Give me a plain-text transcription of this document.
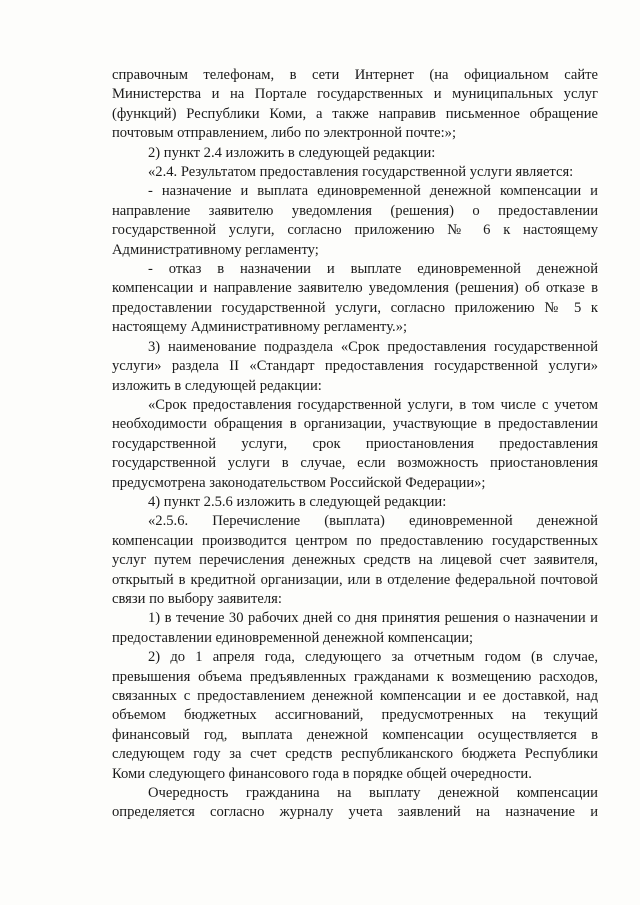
справочным телефонам, в сети Интернет (на официальном сайте

Министерства и на Портале государственных и муниципальных услуг

(функций) Республики Коми, а также направив письменное обращение

почтовым отправлением, либо по электронной почте:»;

2) пункт 2.4 изложить в следующей редакции:

«2.4. Результатом предоставления государственной услуги является:

- назначение и выплата единовременной денежной компенсации и

направление заявителю уведомления (решения) о предоставлении

государственной услуги, согласно приложению № 6 к настоящему

Административному регламенту;

- отказ в назначении и выплате единовременной денежной

компенсации и направление заявителю уведомления (решения) об отказе в

предоставлении государственной услуги, согласно приложению № 5 к

настоящему Административному регламенту.»;

3) наименование подраздела «Срок предоставления государственной

услуги» раздела II «Стандарт предоставления государственной услуги»

изложить в следующей редакции:

«Срок предоставления государственной услуги, в том числе с учетом

необходимости обращения в организации, участвующие в предоставлении

государственной услуги, срок приостановления предоставления

государственной услуги в случае, если возможность приостановления

предусмотрена законодательством Российской Федерации»;

4) пункт 2.5.6 изложить в следующей редакции:

«2.5.6. Перечисление (выплата) единовременной денежной

компенсации производится центром по предоставлению государственных

услуг путем перечисления денежных средств на лицевой счет заявителя,

открытый в кредитной организации, или в отделение федеральной почтовой

связи по выбору заявителя:

1) в течение 30 рабочих дней со дня принятия решения о назначении и

предоставлении единовременной денежной компенсации;

2) до 1 апреля года, следующего за отчетным годом (в случае,

превышения объема предъявленных гражданами к возмещению расходов,

связанных с предоставлением денежной компенсации и ее доставкой, над

объемом бюджетных ассигнований, предусмотренных на текущий

финансовый год, выплата денежной компенсации осуществляется в

следующем году за счет средств республиканского бюджета Республики

Коми следующего финансового года в порядке общей очередности.

Очередность гражданина на выплату денежной компенсации

определяется согласно журналу учета заявлений на назначение и
